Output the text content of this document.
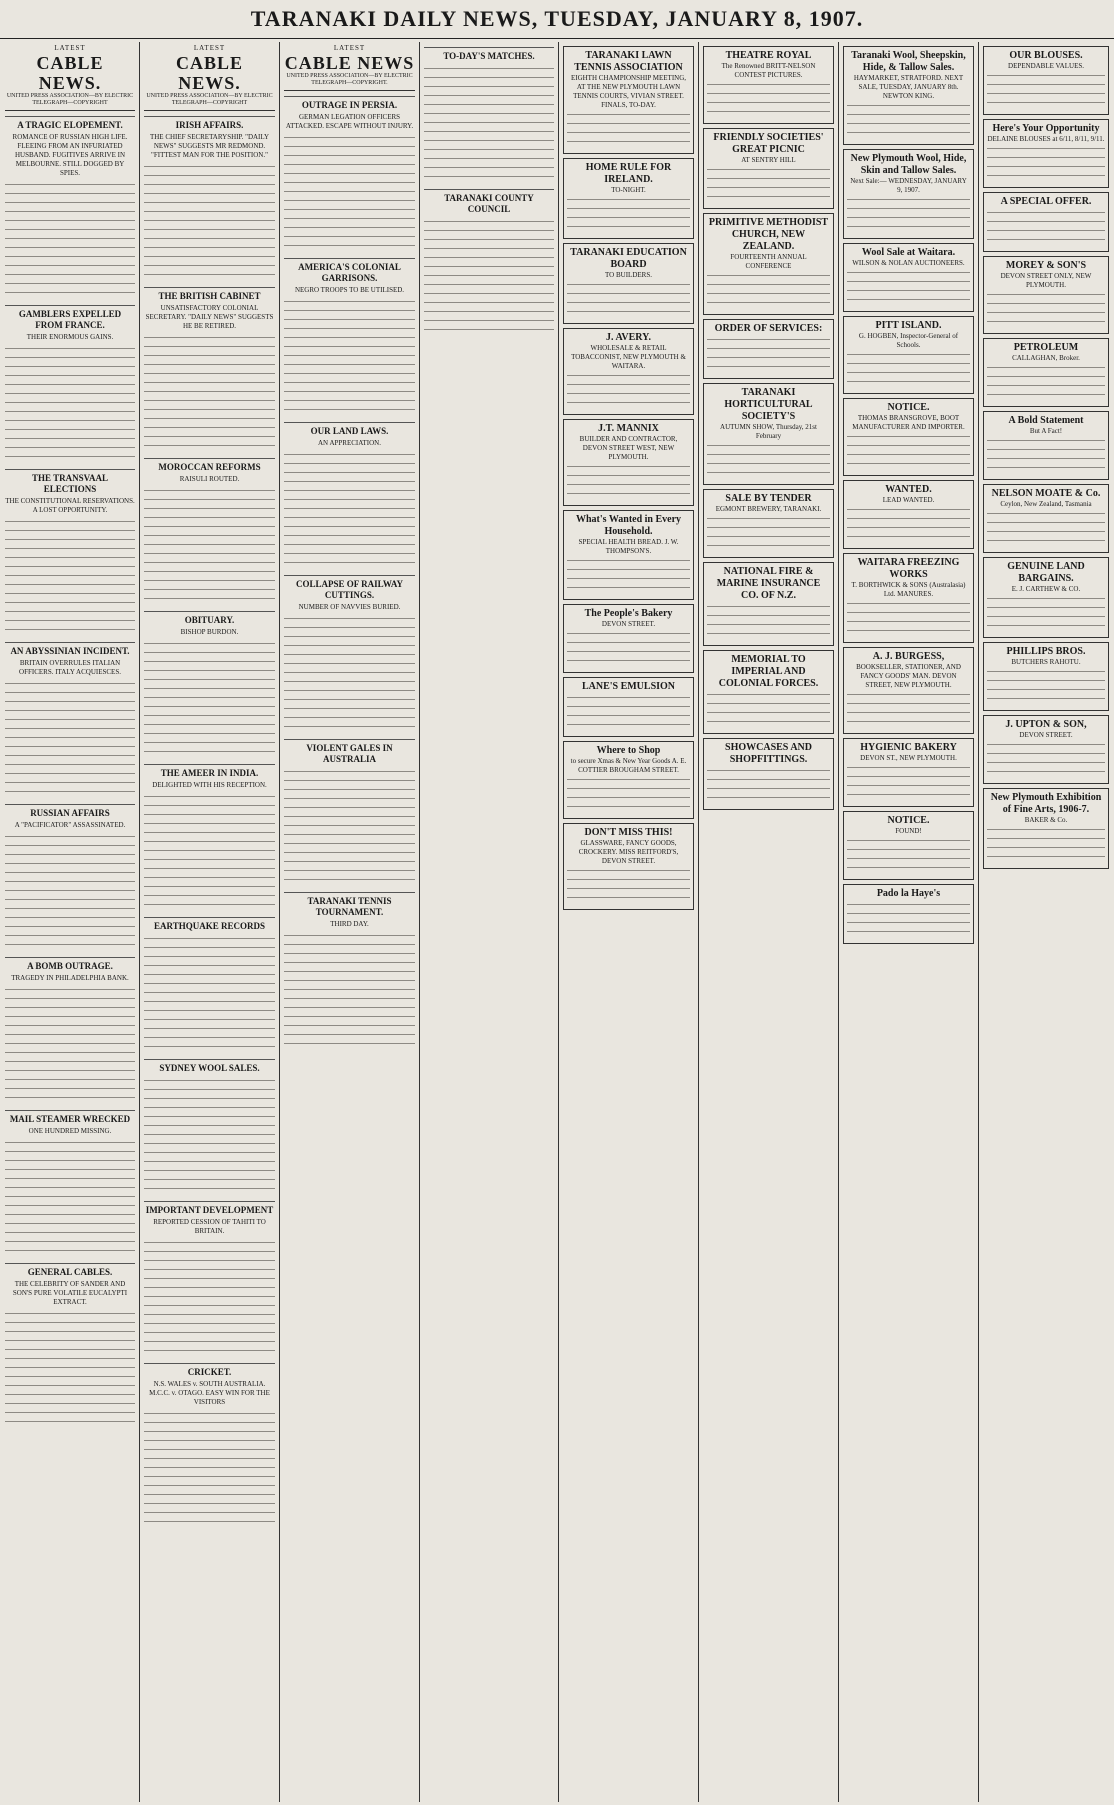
TARANAKI DAILY NEWS, TUESDAY, JANUARY 8, 1907.
LATEST
CABLE NEWS.
UNITED PRESS ASSOCIATION—BY ELECTRIC TELEGRAPH—COPYRIGHT
A TRAGIC ELOPEMENT.
ROMANCE OF RUSSIAN HIGH LIFE. FLEEING FROM AN INFURIATED HUSBAND. FUGITIVES ARRIVE IN MELBOURNE. STILL DOGGED BY SPIES.
GAMBLERS EXPELLED FROM FRANCE.
THEIR ENORMOUS GAINS.
THE TRANSVAAL ELECTIONS
THE CONSTITUTIONAL RESERVATIONS. A LOST OPPORTUNITY.
AN ABYSSINIAN INCIDENT.
BRITAIN OVERRULES ITALIAN OFFICERS. ITALY ACQUIESCES.
RUSSIAN AFFAIRS
A "PACIFICATOR" ASSASSINATED.
A BOMB OUTRAGE.
TRAGEDY IN PHILADELPHIA BANK.
MAIL STEAMER WRECKED
ONE HUNDRED MISSING.
GENERAL CABLES.
THE CELEBRITY OF SANDER AND SON'S PURE VOLATILE EUCALYPTI EXTRACT.
LATEST
CABLE NEWS.
UNITED PRESS ASSOCIATION—BY ELECTRIC TELEGRAPH—COPYRIGHT
IRISH AFFAIRS.
THE CHIEF SECRETARYSHIP. "DAILY NEWS" SUGGESTS MR REDMOND. "FITTEST MAN FOR THE POSITION."
THE BRITISH CABINET
UNSATISFACTORY COLONIAL SECRETARY. "DAILY NEWS" SUGGESTS HE BE RETIRED.
MOROCCAN REFORMS
RAISULI ROUTED.
OBITUARY.
BISHOP BURDON.
THE AMEER IN INDIA.
DELIGHTED WITH HIS RECEPTION.
EARTHQUAKE RECORDS
SYDNEY WOOL SALES.
IMPORTANT DEVELOPMENT
REPORTED CESSION OF TAHITI TO BRITAIN.
CRICKET.
N.S. WALES v. SOUTH AUSTRALIA. M.C.C. v. OTAGO. EASY WIN FOR THE VISITORS
LATEST
CABLE NEWS
UNITED PRESS ASSOCIATION—BY ELECTRIC TELEGRAPH—COPYRIGHT.
OUTRAGE IN PERSIA.
GERMAN LEGATION OFFICERS ATTACKED. ESCAPE WITHOUT INJURY.
AMERICA'S COLONIAL GARRISONS.
NEGRO TROOPS TO BE UTILISED.
OUR LAND LAWS.
AN APPRECIATION.
COLLAPSE OF RAILWAY CUTTINGS.
NUMBER OF NAVVIES BURIED.
VIOLENT GALES IN AUSTRALIA
TARANAKI TENNIS TOURNAMENT.
THIRD DAY.
TO-DAY'S MATCHES.
TARANAKI COUNTY COUNCIL
TARANAKI LAWN TENNIS ASSOCIATION
EIGHTH CHAMPIONSHIP MEETING, AT THE NEW PLYMOUTH LAWN TENNIS COURTS, VIVIAN STREET. FINALS, TO-DAY.
HOME RULE FOR IRELAND.
TO-NIGHT.
TARANAKI EDUCATION BOARD
TO BUILDERS.
J. AVERY.
WHOLESALE & RETAIL TOBACCONIST, NEW PLYMOUTH & WAITARA.
J.T. MANNIX
BUILDER AND CONTRACTOR, DEVON STREET WEST, NEW PLYMOUTH.
What's Wanted in Every Household.
SPECIAL HEALTH BREAD. J. W. THOMPSON'S.
The People's Bakery
DEVON STREET.
LANE'S EMULSION
Where to Shop
to secure Xmas & New Year Goods A. E. COTTIER BROUGHAM STREET.
DON'T MISS THIS!
GLASSWARE, FANCY GOODS, CROCKERY. MISS REITFORD'S, DEVON STREET.
THEATRE ROYAL
The Renowned BRITT-NELSON CONTEST PICTURES.
FRIENDLY SOCIETIES' GREAT PICNIC
AT SENTRY HILL
PRIMITIVE METHODIST CHURCH, NEW ZEALAND.
FOURTEENTH ANNUAL CONFERENCE
ORDER OF SERVICES:
TARANAKI HORTICULTURAL SOCIETY'S
AUTUMN SHOW, Thursday, 21st February
SALE BY TENDER
EGMONT BREWERY, TARANAKI.
NATIONAL FIRE & MARINE INSURANCE CO. OF N.Z.
MEMORIAL TO IMPERIAL AND COLONIAL FORCES.
SHOWCASES AND SHOPFITTINGS.
Taranaki Wool, Sheepskin, Hide, & Tallow Sales.
HAYMARKET, STRATFORD. NEXT SALE, TUESDAY, JANUARY 8th. NEWTON KING.
New Plymouth Wool, Hide, Skin and Tallow Sales.
Next Sale:— WEDNESDAY, JANUARY 9, 1907.
Wool Sale at Waitara.
WILSON & NOLAN AUCTIONEERS.
PITT ISLAND.
G. HOGBEN, Inspector-General of Schools.
NOTICE.
THOMAS BRANSGROVE, BOOT MANUFACTURER AND IMPORTER.
WANTED.
LEAD WANTED.
WAITARA FREEZING WORKS
T. BORTHWICK & SONS (Australasia) Ltd. MANURES.
A. J. BURGESS,
BOOKSELLER, STATIONER, AND FANCY GOODS' MAN. DEVON STREET, NEW PLYMOUTH.
HYGIENIC BAKERY
DEVON ST., NEW PLYMOUTH.
NOTICE.
FOUND!
Pado la Haye's
OUR BLOUSES.
DEPENDABLE VALUES.
Here's Your Opportunity
DELAINE BLOUSES at 6/11, 8/11, 9/11.
A SPECIAL OFFER.
MOREY & SON'S
DEVON STREET ONLY, NEW PLYMOUTH.
PETROLEUM
CALLAGHAN, Broker.
A Bold Statement
But A Fact!
NELSON MOATE & Co.
Ceylon, New Zealand, Tasmania
GENUINE LAND BARGAINS.
E. J. CARTHEW & CO.
PHILLIPS BROS.
BUTCHERS RAHOTU.
J. UPTON & SON,
DEVON STREET.
New Plymouth Exhibition of Fine Arts, 1906-7.
BAKER & Co.
